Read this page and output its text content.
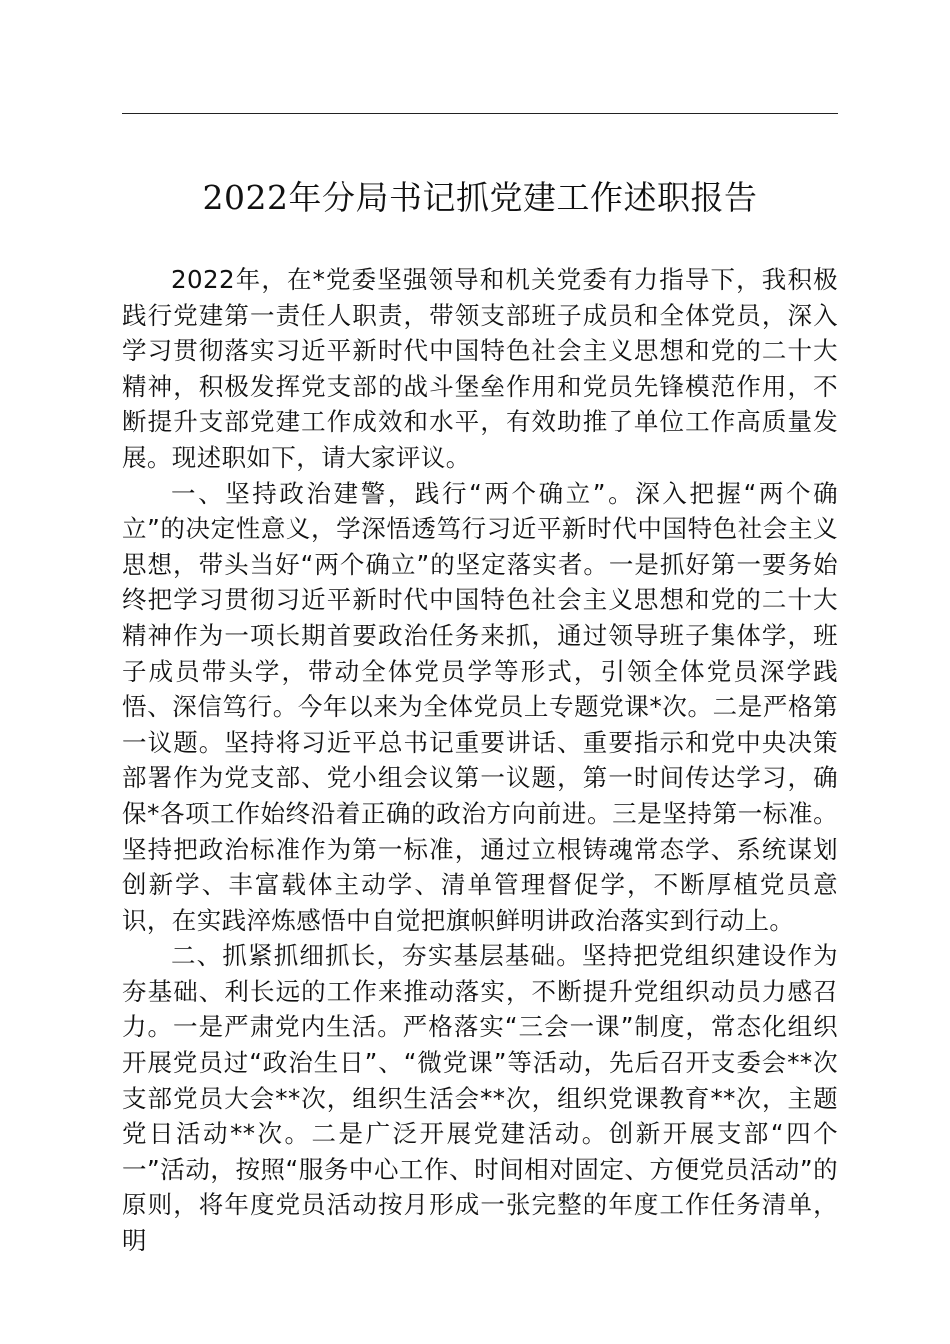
2022年分局书记抓党建工作述职报告

2022年，在*党委坚强领导和机关党委有力指导下，我积极践行党建第一责任人职责，带领支部班子成员和全体党员，深入学习贯彻落实习近平新时代中国特色社会主义思想和党的二十大精神，积极发挥党支部的战斗堡垒作用和党员先锋模范作用，不断提升支部党建工作成效和水平，有效助推了单位工作高质量发展。现述职如下，请大家评议。

一、坚持政治建警，践行“两个确立”。深入把握“两个确立”的决定性意义，学深悟透笃行习近平新时代中国特色社会主义思想，带头当好“两个确立”的坚定落实者。一是抓好第一要务始终把学习贯彻习近平新时代中国特色社会主义思想和党的二十大精神作为一项长期首要政治任务来抓，通过领导班子集体学，班子成员带头学，带动全体党员学等形式，引领全体党员深学践悟、深信笃行。今年以来为全体党员上专题党课*次。二是严格第一议题。坚持将习近平总书记重要讲话、重要指示和党中央决策部署作为党支部、党小组会议第一议题，第一时间传达学习，确保*各项工作始终沿着正确的政治方向前进。三是坚持第一标准。坚持把政治标准作为第一标准，通过立根铸魂常态学、系统谋划创新学、丰富载体主动学、清单管理督促学，不断厚植党员意识，在实践淬炼感悟中自觉把旗帜鲜明讲政治落实到行动上。

二、抓紧抓细抓长，夯实基层基础。坚持把党组织建设作为夯基础、利长远的工作来推动落实，不断提升党组织动员力感召力。一是严肃党内生活。严格落实“三会一课”制度，常态化组织开展党员过“政治生日”、“微党课”等活动，先后召开支委会**次支部党员大会**次，组织生活会**次，组织党课教育**次，主题党日活动**次。二是广泛开展党建活动。创新开展支部“四个一”活动，按照“服务中心工作、时间相对固定、方便党员活动”的原则，将年度党员活动按月形成一张完整的年度工作任务清单，明
